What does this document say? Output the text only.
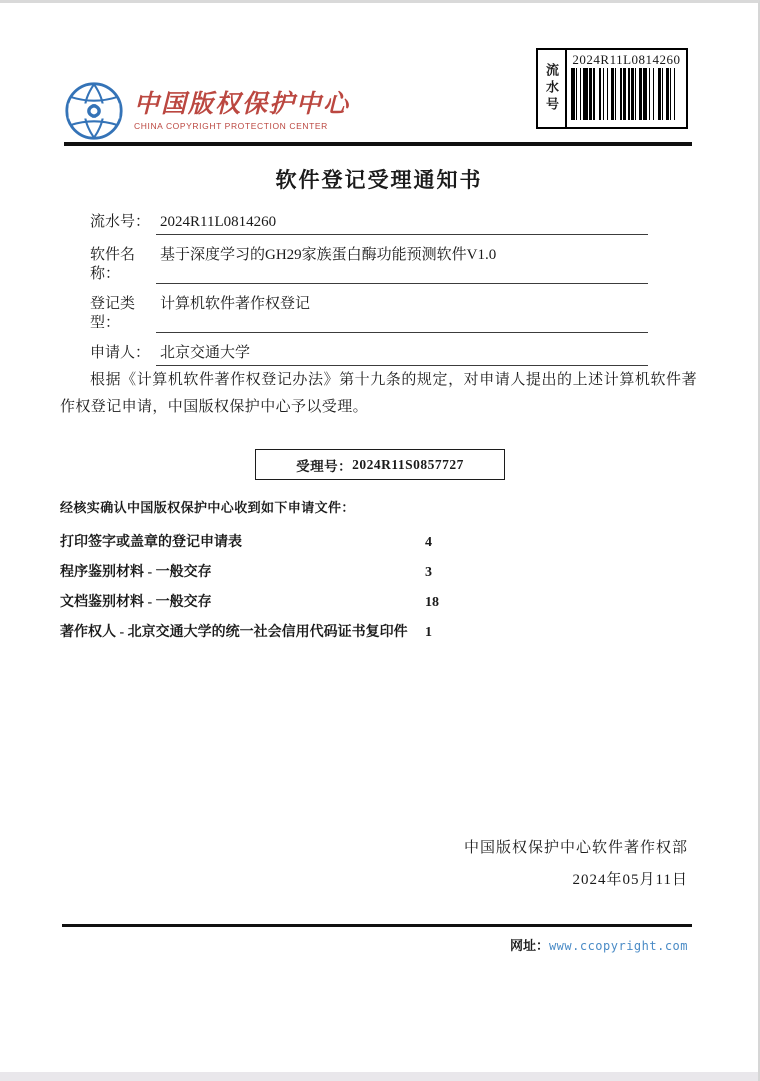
流水号
2024R11L0814260
中国版权保护中心
CHINA COPYRIGHT PROTECTION CENTER
软件登记受理通知书
流水号： 2024R11L0814260
软件名称：
基于深度学习的GH29家族蛋白酶功能预测软件V1.0
登记类型：
计算机软件著作权登记
申请人： 北京交通大学

根据《计算机软件著作权登记办法》第十九条的规定，对申请人提出的上述计算机软件著作权登记申请，中国版权保护中心予以受理。

受理号： 2024R11S0857727
经核实确认中国版权保护中心收到如下申请文件：
打印签字或盖章的登记申请表	4
程序鉴别材料 - 一般交存	3
文档鉴别材料 - 一般交存	18
著作权人 - 北京交通大学的统一社会信用代码证书复印件 1
中国版权保护中心软件著作权部
2024年05月11日
网址：www.ccopyright.com
